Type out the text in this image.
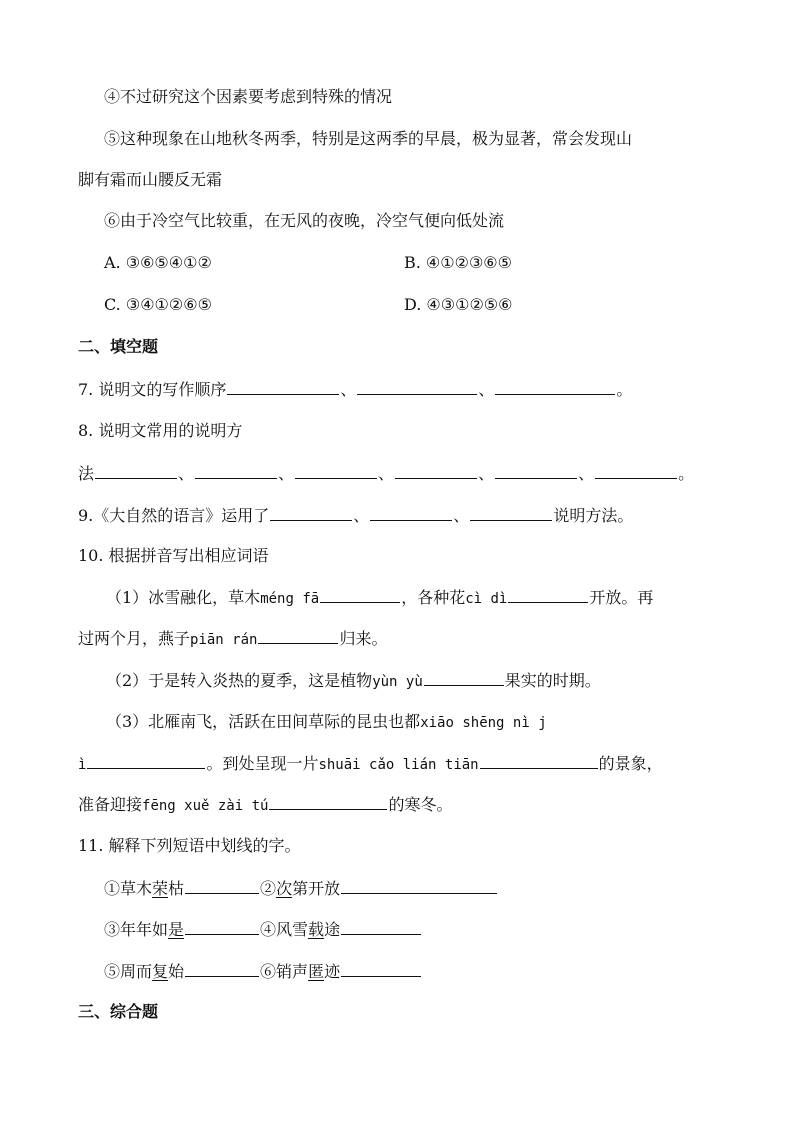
④不过研究这个因素要考虑到特殊的情况
⑤这种现象在山地秋冬两季，特别是这两季的早晨，极为显著，常会发现山
脚有霜而山腰反无霜
⑥由于冷空气比较重，在无风的夜晚，冷空气便向低处流
A. ③⑥⑤④①②	B. ④①②③⑥⑤
C. ③④①②⑥⑤	D. ④③①②⑤⑥
二、填空题
7. 说明文的写作顺序	、	、	。
8. 说明文常用的说明方
法	、	、	、	、	、	。
9.《大自然的语言》运用了	、	、	说明方法。
10. 根据拼音写出相应词语
（1）冰雪融化，草木méng fā	，各种花cì dì	开放。再
过两个月，燕子piān rán	归来。
（2）于是转入炎热的夏季，这是植物yùn yù	果实的时期。
（3）北雁南飞，活跃在田间草际的昆虫也都xiāo shēng nì j
ì	。到处呈现一片shuāi cǎo lián tiān	的景象，
准备迎接fēng xuě zài tú	的寒冬。
11. 解释下列短语中划线的字。
①草木荣枯	②次第开放
③年年如是	④风雪载途
⑤周而复始	⑥销声匿迹
三、综合题
